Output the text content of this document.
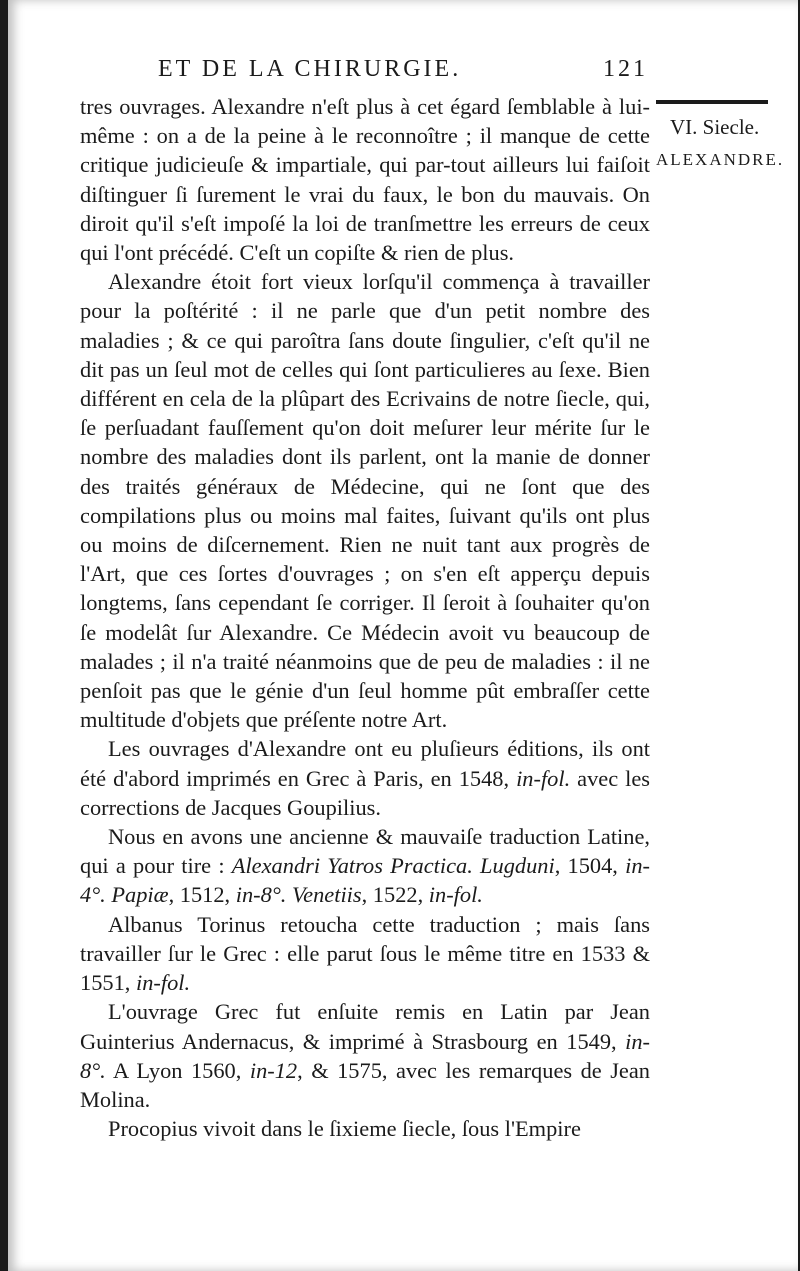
ET DE LA CHIRURGIE.	121
VI. Siecle.
ALEXANDRE.

tres ouvrages. Alexandre n'eſt plus à cet égard ſemblable à lui-même : on a de la peine à le reconnoître ; il manque de cette critique judicieuſe & impartiale, qui par-tout ailleurs lui faiſoit diſtinguer ſi ſurement le vrai du faux, le bon du mauvais. On diroit qu'il s'eſt impoſé la loi de tranſmettre les erreurs de ceux qui l'ont précédé. C'eſt un copiſte & rien de plus.

Alexandre étoit fort vieux lorſqu'il commença à travailler pour la poſtérité : il ne parle que d'un petit nombre des maladies ; & ce qui paroîtra ſans doute ſingulier, c'eſt qu'il ne dit pas un ſeul mot de celles qui ſont particulieres au ſexe. Bien différent en cela de la plûpart des Ecrivains de notre ſiecle, qui, ſe perſuadant fauſſement qu'on doit meſurer leur mérite ſur le nombre des maladies dont ils parlent, ont la manie de donner des traités généraux de Médecine, qui ne ſont que des compilations plus ou moins mal faites, ſuivant qu'ils ont plus ou moins de diſcernement. Rien ne nuit tant aux progrès de l'Art, que ces ſortes d'ouvrages ; on s'en eſt apperçu depuis longtems, ſans cependant ſe corriger. Il ſeroit à ſouhaiter qu'on ſe modelât ſur Alexandre. Ce Médecin avoit vu beaucoup de malades ; il n'a traité néanmoins que de peu de maladies : il ne penſoit pas que le génie d'un ſeul homme pût embraſſer cette multitude d'objets que préſente notre Art.

Les ouvrages d'Alexandre ont eu pluſieurs éditions, ils ont été d'abord imprimés en Grec à Paris, en 1548, in-fol. avec les corrections de Jacques Goupilius.

Nous en avons une ancienne & mauvaiſe traduction Latine, qui a pour tire : Alexandri Yatros Practica. Lugduni, 1504, in-4°. Papiæ, 1512, in-8°. Venetiis, 1522, in-fol.

Albanus Torinus retoucha cette traduction ; mais ſans travailler ſur le Grec : elle parut ſous le même titre en 1533 & 1551, in-fol.

L'ouvrage Grec fut enſuite remis en Latin par Jean Guinterius Andernacus, & imprimé à Strasbourg en 1549, in-8°. A Lyon 1560, in-12, & 1575, avec les remarques de Jean Molina.

Procopius vivoit dans le ſixieme ſiecle, ſous l'Empire
